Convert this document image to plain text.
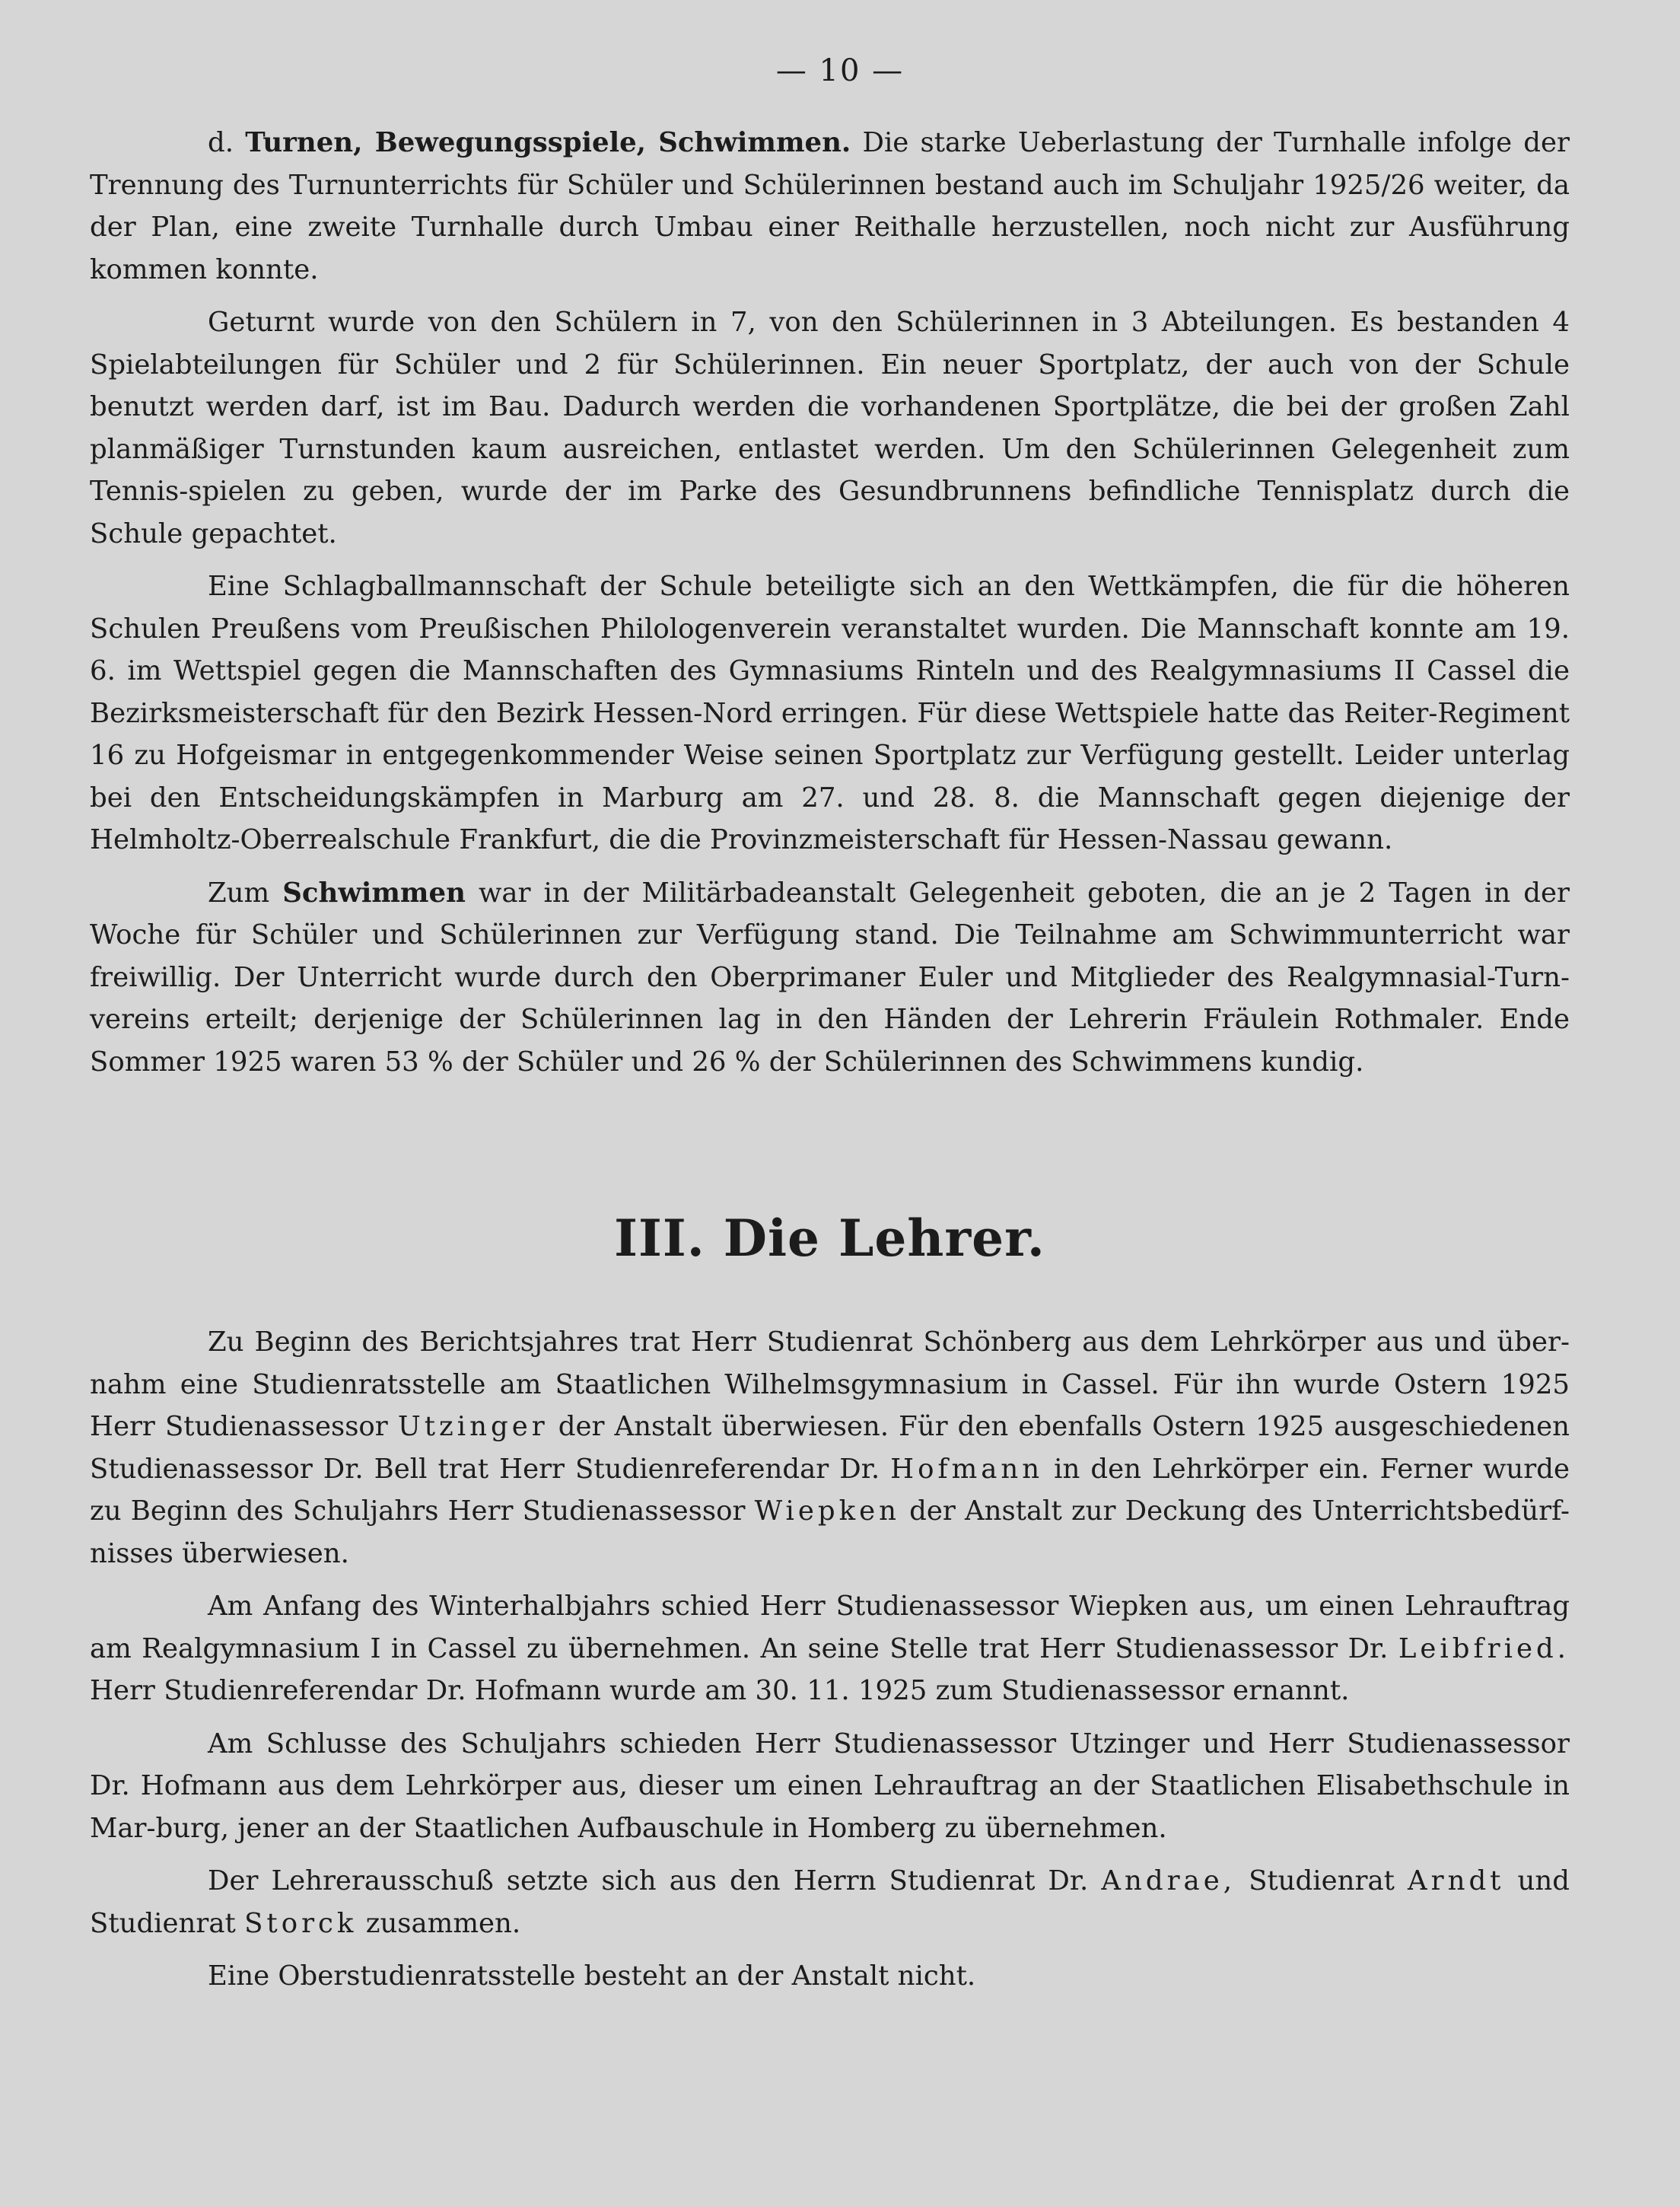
— 10 —

d. Turnen, Bewegungsspiele, Schwimmen. Die starke Ueberlastung der Turnhalle infolge der Trennung des Turnunterrichts für Schüler und Schülerinnen bestand auch im Schuljahr 1925/26 weiter, da der Plan, eine zweite Turnhalle durch Umbau einer Reithalle herzustellen, noch nicht zur Ausführung kommen konnte.

Geturnt wurde von den Schülern in 7, von den Schülerinnen in 3 Abteilungen. Es bestanden 4 Spielabteilungen für Schüler und 2 für Schülerinnen. Ein neuer Sportplatz, der auch von der Schule benutzt werden darf, ist im Bau. Dadurch werden die vorhandenen Sportplätze, die bei der großen Zahl planmäßiger Turnstunden kaum ausreichen, entlastet werden. Um den Schülerinnen Gelegenheit zum Tennis-spielen zu geben, wurde der im Parke des Gesundbrunnens befindliche Tennisplatz durch die Schule gepachtet.

Eine Schlagballmannschaft der Schule beteiligte sich an den Wettkämpfen, die für die höheren Schulen Preußens vom Preußischen Philologenverein veranstaltet wurden. Die Mannschaft konnte am 19. 6. im Wettspiel gegen die Mannschaften des Gymnasiums Rinteln und des Realgymnasiums II Cassel die Bezirksmeisterschaft für den Bezirk Hessen-Nord erringen. Für diese Wettspiele hatte das Reiter-Regiment 16 zu Hofgeismar in entgegenkommender Weise seinen Sportplatz zur Verfügung gestellt. Leider unterlag bei den Entscheidungskämpfen in Marburg am 27. und 28. 8. die Mannschaft gegen diejenige der Helmholtz-Oberrealschule Frankfurt, die die Provinzmeisterschaft für Hessen-Nassau gewann.

Zum Schwimmen war in der Militärbadeanstalt Gelegenheit geboten, die an je 2 Tagen in der Woche für Schüler und Schülerinnen zur Verfügung stand. Die Teilnahme am Schwimmunterricht war freiwillig. Der Unterricht wurde durch den Oberprimaner Euler und Mitglieder des Realgymnasial-Turn-vereins erteilt; derjenige der Schülerinnen lag in den Händen der Lehrerin Fräulein Rothmaler. Ende Sommer 1925 waren 53 % der Schüler und 26 % der Schülerinnen des Schwimmens kundig.

III. Die Lehrer.

Zu Beginn des Berichtsjahres trat Herr Studienrat Schönberg aus dem Lehrkörper aus und über-nahm eine Studienratsstelle am Staatlichen Wilhelmsgymnasium in Cassel. Für ihn wurde Ostern 1925 Herr Studienassessor Utzinger der Anstalt überwiesen. Für den ebenfalls Ostern 1925 ausgeschiedenen Studienassessor Dr. Bell trat Herr Studienreferendar Dr. Hofmann in den Lehrkörper ein. Ferner wurde zu Beginn des Schuljahrs Herr Studienassessor Wiepken der Anstalt zur Deckung des Unterrichtsbedürf-nisses überwiesen.

Am Anfang des Winterhalbjahrs schied Herr Studienassessor Wiepken aus, um einen Lehrauftrag am Realgymnasium I in Cassel zu übernehmen. An seine Stelle trat Herr Studienassessor Dr. Leibfried. Herr Studienreferendar Dr. Hofmann wurde am 30. 11. 1925 zum Studienassessor ernannt.

Am Schlusse des Schuljahrs schieden Herr Studienassessor Utzinger und Herr Studienassessor Dr. Hofmann aus dem Lehrkörper aus, dieser um einen Lehrauftrag an der Staatlichen Elisabethschule in Mar-burg, jener an der Staatlichen Aufbauschule in Homberg zu übernehmen.

Der Lehrerausschuß setzte sich aus den Herrn Studienrat Dr. Andrae, Studienrat Arndt und Studienrat Storck zusammen.

Eine Oberstudienratsstelle besteht an der Anstalt nicht.
